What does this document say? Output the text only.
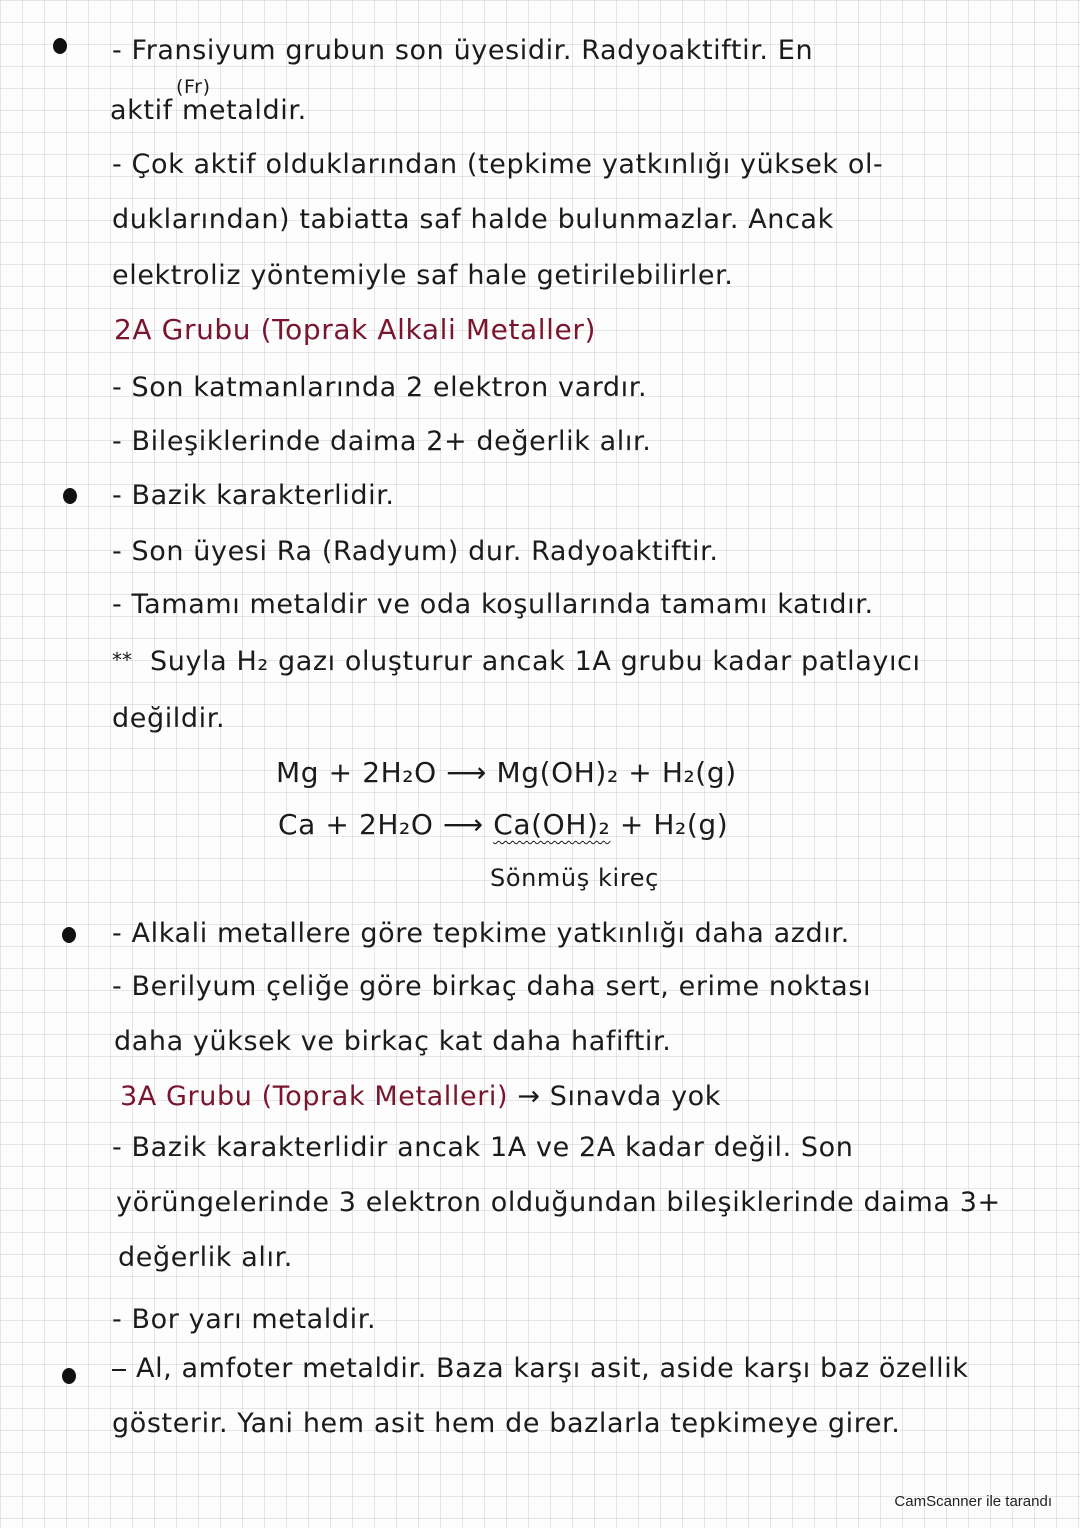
- Fransiyum grubun son üyesidir. Radyoaktiftir. En
(Fr)
aktif metaldir.
- Çok aktif olduklarından (tepkime yatkınlığı yüksek ol-
duklarından) tabiatta saf halde bulunmazlar. Ancak
elektroliz yöntemiyle saf hale getirilebilirler.
2A Grubu (Toprak Alkali Metaller)
- Son katmanlarında 2 elektron vardır.
- Bileşiklerinde daima 2+ değerlik alır.
- Bazik karakterlidir.
- Son üyesi Ra (Radyum) dur. Radyoaktiftir.
- Tamamı metaldir ve oda koşullarında tamamı katıdır.
** Suyla H₂ gazı oluşturur ancak 1A grubu kadar patlayıcı
değildir.
Mg + 2H₂O ⟶ Mg(OH)₂ + H₂(g)
Ca + 2H₂O ⟶ Ca(OH)₂ + H₂(g)
Sönmüş kireç
- Alkali metallere göre tepkime yatkınlığı daha azdır.
- Berilyum çeliğe göre birkaç daha sert, erime noktası
daha yüksek ve birkaç kat daha hafiftir.
3A Grubu (Toprak Metalleri) → Sınavda yok
- Bazik karakterlidir ancak 1A ve 2A kadar değil. Son
yörüngelerinde 3 elektron olduğundan bileşiklerinde daima 3+
değerlik alır.
- Bor yarı metaldir.
Al, amfoter metaldir. Baza karşı asit, aside karşı baz özellik
gösterir. Yani hem asit hem de bazlarla tepkimeye girer.
CamScanner ile tarandı
